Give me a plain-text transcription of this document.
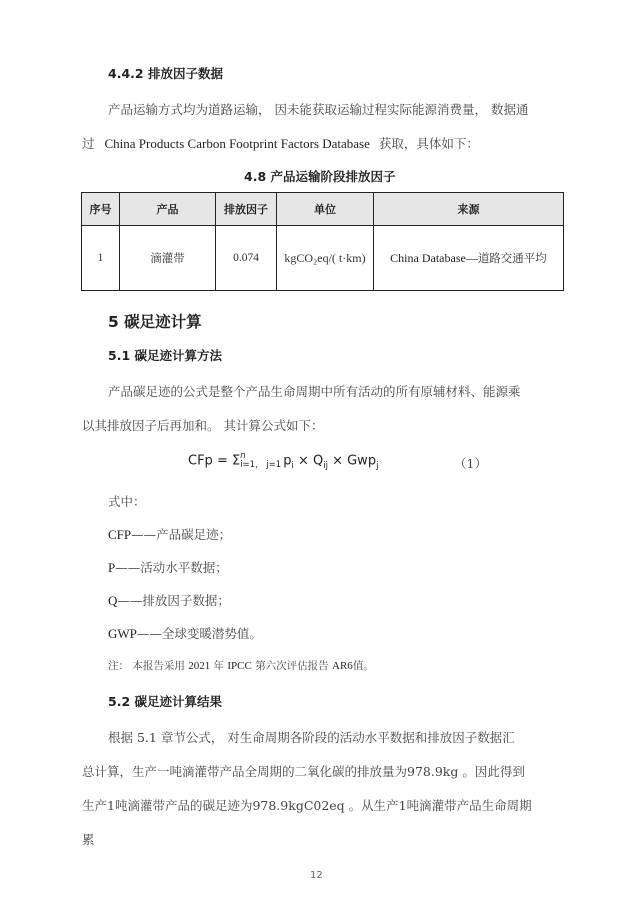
4.4.2 排放因子数据
产品运输方式均为道路运输， 因未能获取运输过程实际能源消费量， 数据通
过 China Products Carbon Footprint Factors Database 获取，具体如下：
4.8 产品运输阶段排放因子
序号	产品	排放因子	单位	来源
1	滴灌带	0.074	kgCO₂eq/( t·km)	China Database—道路交通平均
5 碳足迹计算
5.1 碳足迹计算方法
产品碳足迹的公式是整个产品生命周期中所有活动的所有原辅材料、能源乘
以其排放因子后再加和。 其计算公式如下：
CFp = Σ n
i=1， j=1 $p_i \times Q_{ij} \times Gwp_j$	（1）
式中：
CFP——产品碳足迹；
P——活动水平数据；
Q——排放因子数据；
GWP——全球变暖潜势值。
注： 本报告采用 2021 年 IPCC 第六次评估报告 AR6值。
5.2 碳足迹计算结果
根据 5.1 章节公式， 对生命周期各阶段的活动水平数据和排放因子数据汇
总计算，生产一吨滴灌带产品全周期的二氧化碳的排放量为978.9kg 。因此得到
生产1吨滴灌带产品的碳足迹为978.9kgC02eq 。从生产1吨滴灌带产品生命周期
累
12
